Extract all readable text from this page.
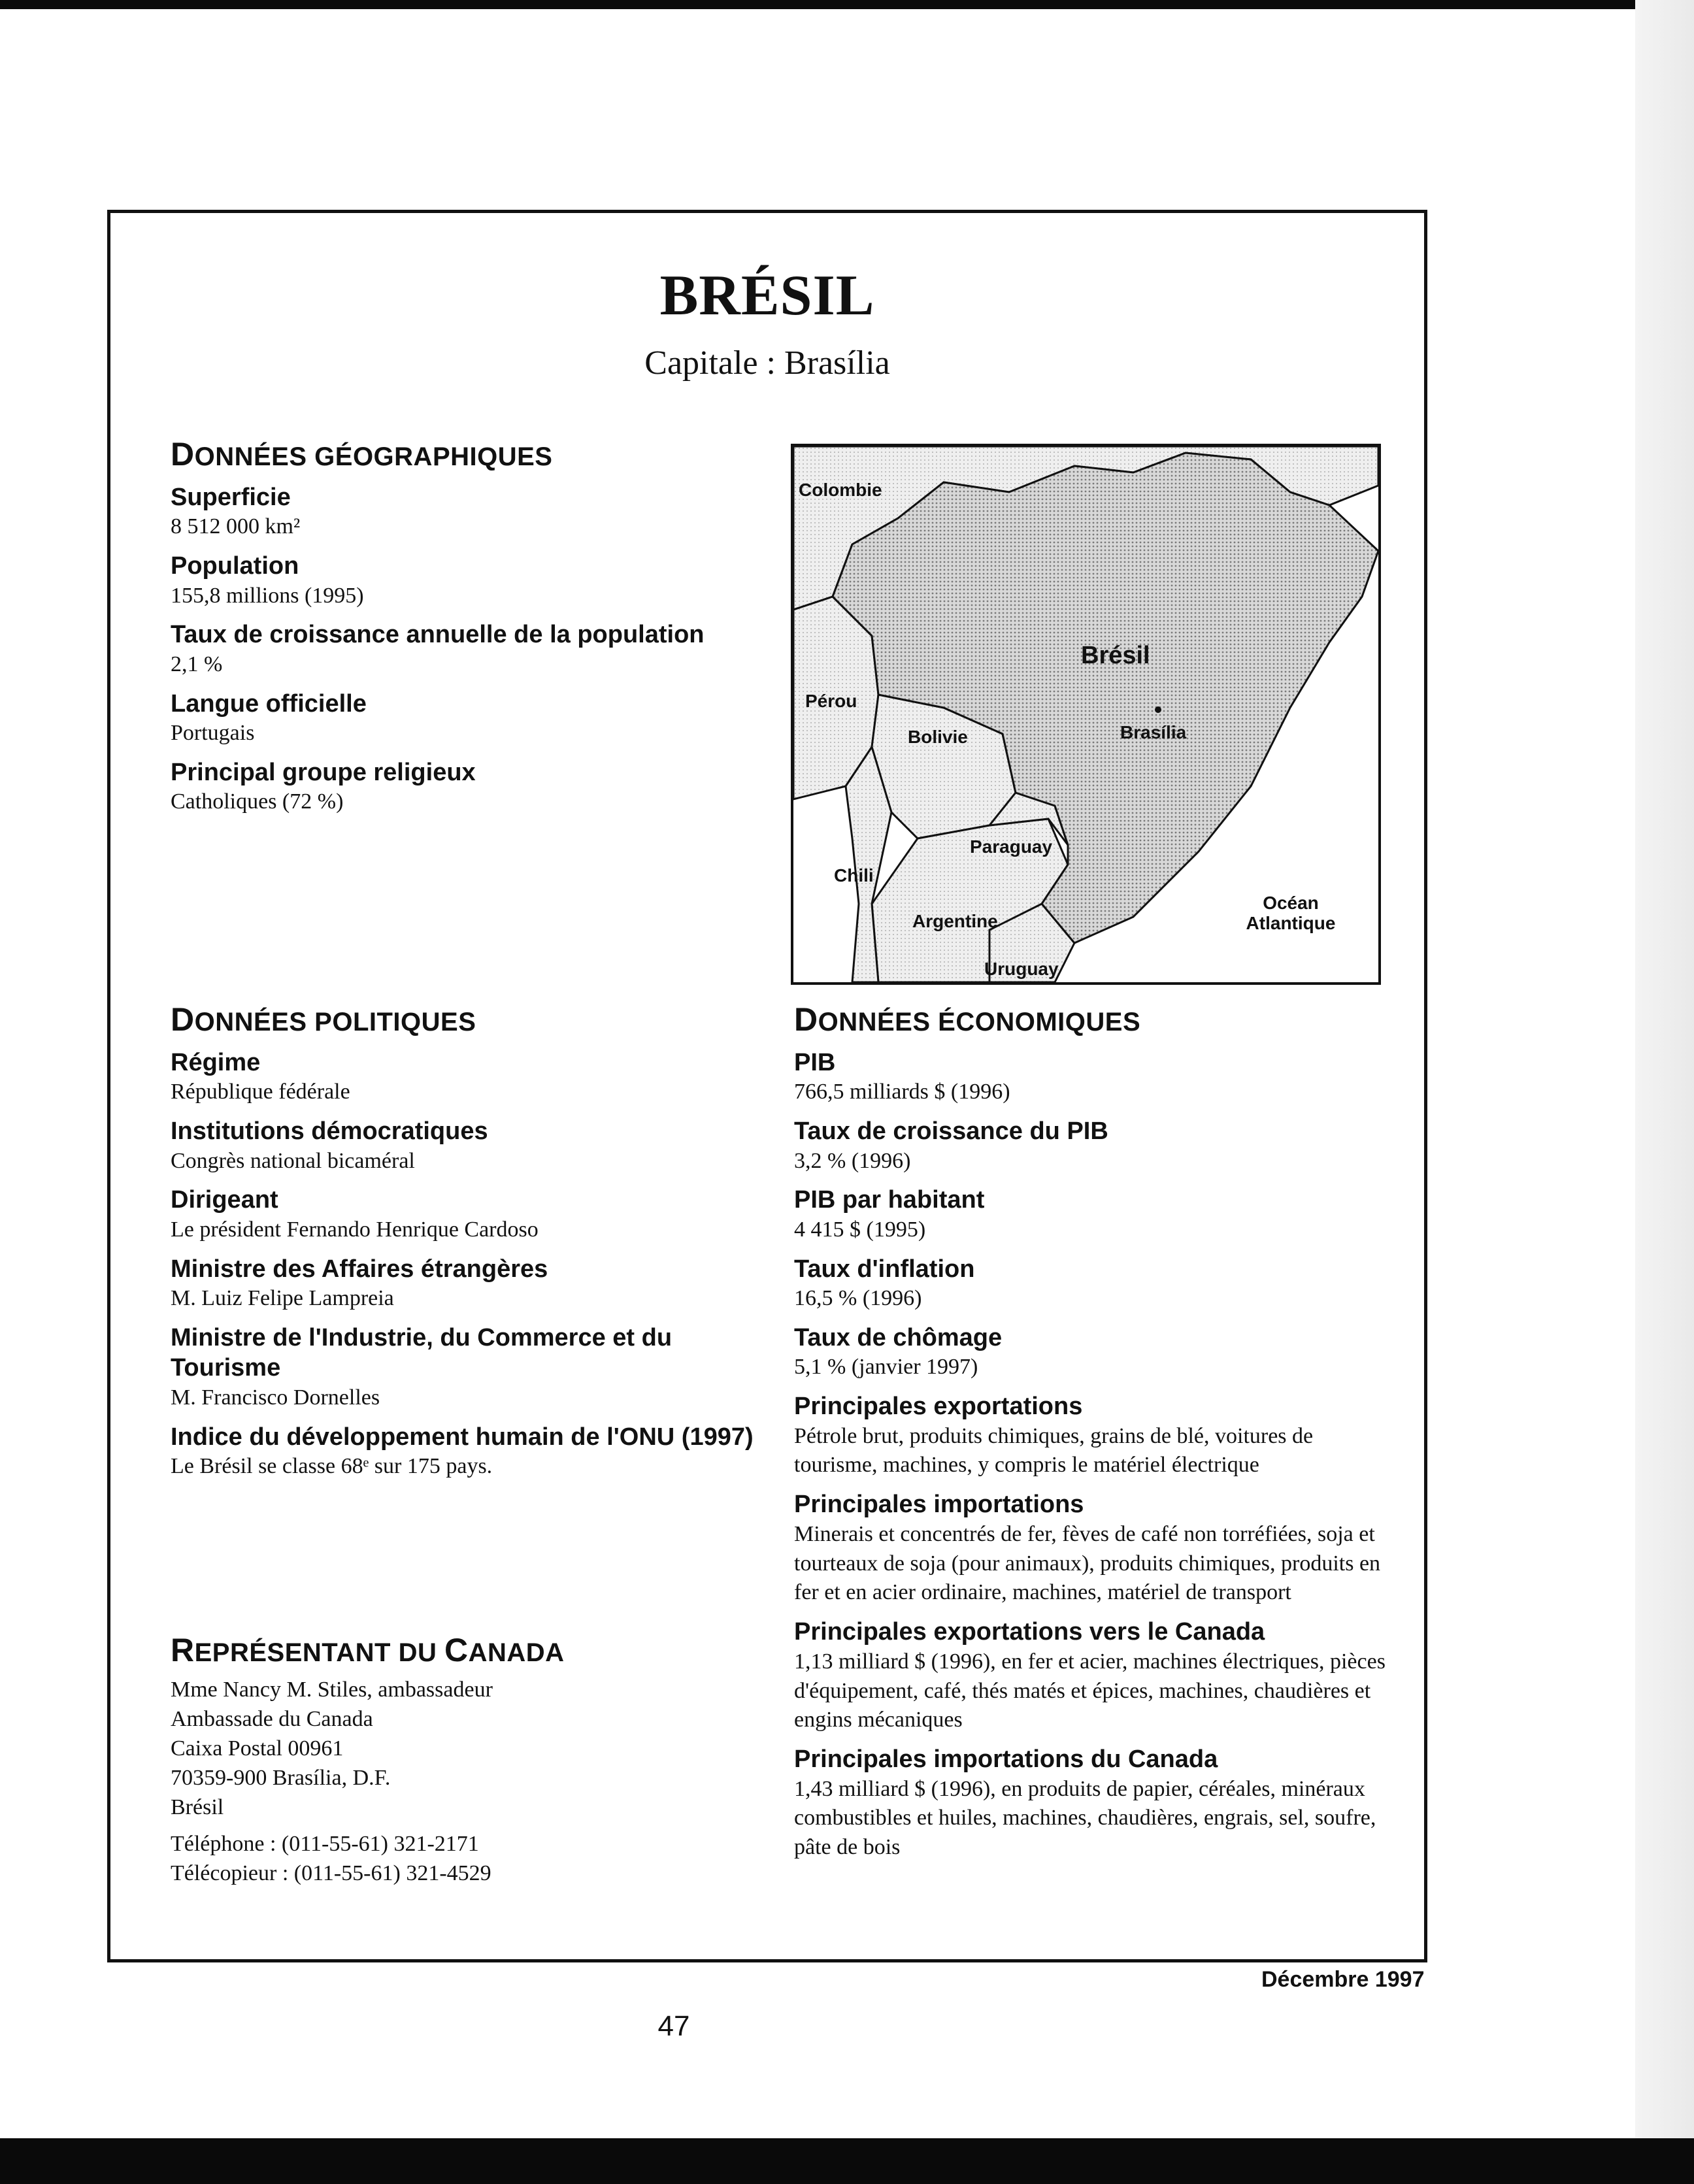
BRÉSIL
Capitale : Brasília
DONNÉES GÉOGRAPHIQUES
Superficie
8 512 000 km²
Population
155,8 millions (1995)
Taux de croissance annuelle de la population
2,1 %
Langue officielle
Portugais
Principal groupe religieux
Catholiques (72 %)
Colombie
Pérou
Brésil
Brasília
Bolivie
Paraguay
Chili
Argentine
Uruguay
Océan
Atlantique
DONNÉES POLITIQUES
Régime
République fédérale
Institutions démocratiques
Congrès national bicaméral
Dirigeant
Le président Fernando Henrique Cardoso
Ministre des Affaires étrangères
M. Luiz Felipe Lampreia
Ministre de l'Industrie, du Commerce et du Tourisme
M. Francisco Dornelles
Indice du développement humain de l'ONU (1997)
Le Brésil se classe 68ᵉ sur 175 pays.
REPRÉSENTANT DU CANADA
Mme Nancy M. Stiles, ambassadeur
Ambassade du Canada
Caixa Postal 00961
70359-900 Brasília, D.F.
Brésil
Téléphone : (011-55-61) 321-2171
Télécopieur : (011-55-61) 321-4529
DONNÉES ÉCONOMIQUES
PIB
766,5 milliards $ (1996)
Taux de croissance du PIB
3,2 % (1996)
PIB par habitant
4 415 $ (1995)
Taux d'inflation
16,5 % (1996)
Taux de chômage
5,1 % (janvier 1997)
Principales exportations
Pétrole brut, produits chimiques, grains de blé, voitures de tourisme, machines, y compris le matériel électrique
Principales importations
Minerais et concentrés de fer, fèves de café non torréfiées, soja et tourteaux de soja (pour animaux), produits chimiques, produits en fer et en acier ordinaire, machines, matériel de transport
Principales exportations vers le Canada
1,13 milliard $ (1996), en fer et acier, machines électriques, pièces d'équipement, café, thés matés et épices, machines, chaudières et engins mécaniques
Principales importations du Canada
1,43 milliard $ (1996), en produits de papier, céréales, minéraux combustibles et huiles, machines, chaudières, engrais, sel, soufre, pâte de bois
Décembre 1997
47
